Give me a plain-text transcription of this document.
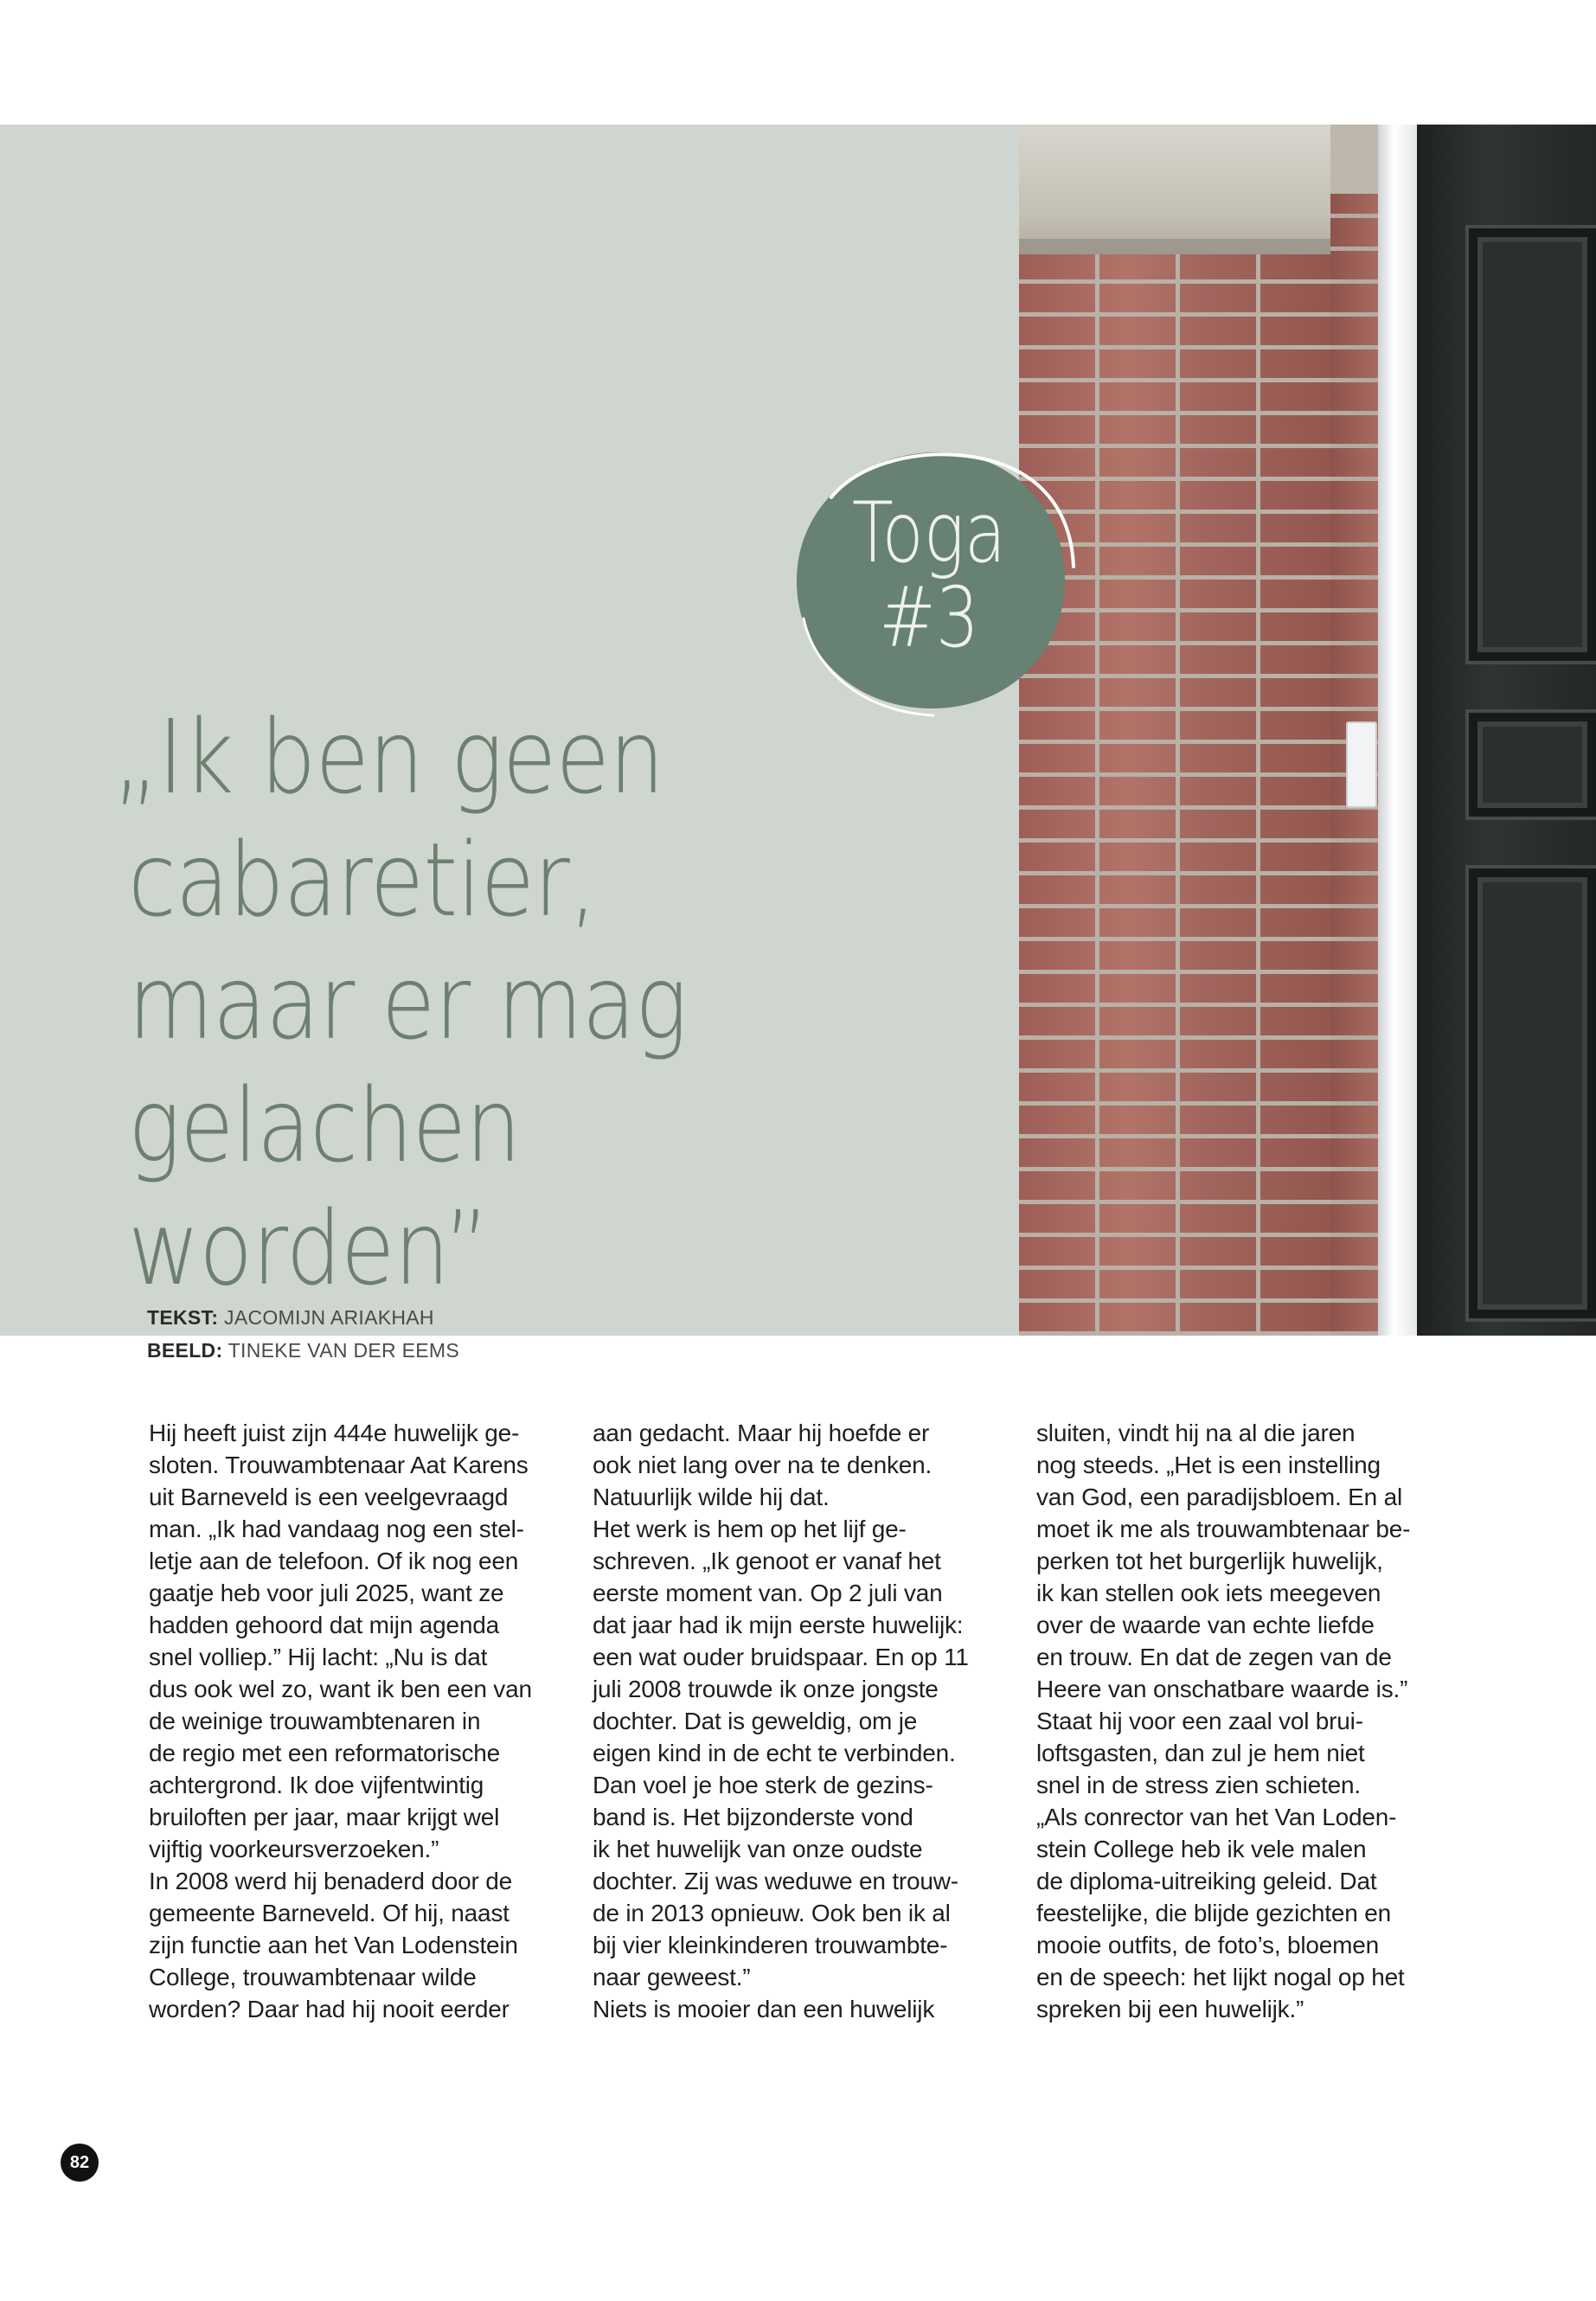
„Ik ben geen
cabaretier,
maar er mag
gelachen
worden”
TEKST: JACOMIJN ARIAKHAH
BEELD: TINEKE VAN DER EEMS
Toga
#3
Hij heeft juist zijn 444e huwelijk ge-
sloten. Trouwambtenaar Aat Karens
uit Barneveld is een veelgevraagd
man. „Ik had vandaag nog een stel-
letje aan de telefoon. Of ik nog een
gaatje heb voor juli 2025, want ze
hadden gehoord dat mijn agenda
snel volliep.” Hij lacht: „Nu is dat
dus ook wel zo, want ik ben een van
de weinige trouwambtenaren in
de regio met een reformatorische
achtergrond. Ik doe vijfentwintig
bruiloften per jaar, maar krijgt wel
vijftig voorkeursverzoeken.”
In 2008 werd hij benaderd door de
gemeente Barneveld. Of hij, naast
zijn functie aan het Van Lodenstein
College, trouwambtenaar wilde
worden? Daar had hij nooit eerder
aan gedacht. Maar hij hoefde er
ook niet lang over na te denken.
Natuurlijk wilde hij dat.
Het werk is hem op het lijf ge-
schreven. „Ik genoot er vanaf het
eerste moment van. Op 2 juli van
dat jaar had ik mijn eerste huwelijk:
een wat ouder bruidspaar. En op 11
juli 2008 trouwde ik onze jongste
dochter. Dat is geweldig, om je
eigen kind in de echt te verbinden.
Dan voel je hoe sterk de gezins-
band is. Het bijzonderste vond
ik het huwelijk van onze oudste
dochter. Zij was weduwe en trouw-
de in 2013 opnieuw. Ook ben ik al
bij vier kleinkinderen trouwambte-
naar geweest.”
Niets is mooier dan een huwelijk
sluiten, vindt hij na al die jaren
nog steeds. „Het is een instelling
van God, een paradijsbloem. En al
moet ik me als trouwambtenaar be-
perken tot het burgerlijk huwelijk,
ik kan stellen ook iets meegeven
over de waarde van echte liefde
en trouw. En dat de zegen van de
Heere van onschatbare waarde is.”
Staat hij voor een zaal vol brui-
loftsgasten, dan zul je hem niet
snel in de stress zien schieten.
„Als conrector van het Van Loden-
stein College heb ik vele malen
de diploma-uitreiking geleid. Dat
feestelijke, die blijde gezichten en
mooie outfits, de foto’s, bloemen
en de speech: het lijkt nogal op het
spreken bij een huwelijk.”
82
